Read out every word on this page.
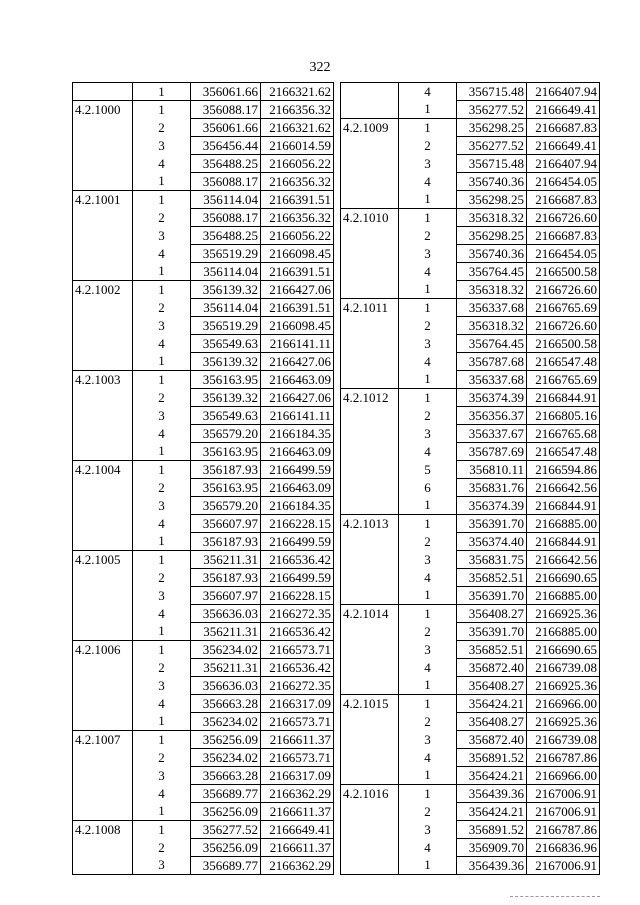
322
	1	356061.66	2166321.62
4.2.1000	1	356088.17	2166356.32
	2	356061.66	2166321.62
	3	356456.44	2166014.59
	4	356488.25	2166056.22
	1	356088.17	2166356.32
4.2.1001	1	356114.04	2166391.51
	2	356088.17	2166356.32
	3	356488.25	2166056.22
	4	356519.29	2166098.45
	1	356114.04	2166391.51
4.2.1002	1	356139.32	2166427.06
	2	356114.04	2166391.51
	3	356519.29	2166098.45
	4	356549.63	2166141.11
	1	356139.32	2166427.06
4.2.1003	1	356163.95	2166463.09
	2	356139.32	2166427.06
	3	356549.63	2166141.11
	4	356579.20	2166184.35
	1	356163.95	2166463.09
4.2.1004	1	356187.93	2166499.59
	2	356163.95	2166463.09
	3	356579.20	2166184.35
	4	356607.97	2166228.15
	1	356187.93	2166499.59
4.2.1005	1	356211.31	2166536.42
	2	356187.93	2166499.59
	3	356607.97	2166228.15
	4	356636.03	2166272.35
	1	356211.31	2166536.42
4.2.1006	1	356234.02	2166573.71
	2	356211.31	2166536.42
	3	356636.03	2166272.35
	4	356663.28	2166317.09
	1	356234.02	2166573.71
4.2.1007	1	356256.09	2166611.37
	2	356234.02	2166573.71
	3	356663.28	2166317.09
	4	356689.77	2166362.29
	1	356256.09	2166611.37
4.2.1008	1	356277.52	2166649.41
	2	356256.09	2166611.37
	3	356689.77	2166362.29
	4	356715.48	2166407.94
	1	356277.52	2166649.41
4.2.1009	1	356298.25	2166687.83
	2	356277.52	2166649.41
	3	356715.48	2166407.94
	4	356740.36	2166454.05
	1	356298.25	2166687.83
4.2.1010	1	356318.32	2166726.60
	2	356298.25	2166687.83
	3	356740.36	2166454.05
	4	356764.45	2166500.58
	1	356318.32	2166726.60
4.2.1011	1	356337.68	2166765.69
	2	356318.32	2166726.60
	3	356764.45	2166500.58
	4	356787.68	2166547.48
	1	356337.68	2166765.69
4.2.1012	1	356374.39	2166844.91
	2	356356.37	2166805.16
	3	356337.67	2166765.68
	4	356787.69	2166547.48
	5	356810.11	2166594.86
	6	356831.76	2166642.56
	1	356374.39	2166844.91
4.2.1013	1	356391.70	2166885.00
	2	356374.40	2166844.91
	3	356831.75	2166642.56
	4	356852.51	2166690.65
	1	356391.70	2166885.00
4.2.1014	1	356408.27	2166925.36
	2	356391.70	2166885.00
	3	356852.51	2166690.65
	4	356872.40	2166739.08
	1	356408.27	2166925.36
4.2.1015	1	356424.21	2166966.00
	2	356408.27	2166925.36
	3	356872.40	2166739.08
	4	356891.52	2166787.86
	1	356424.21	2166966.00
4.2.1016	1	356439.36	2167006.91
	2	356424.21	2167006.91
	3	356891.52	2166787.86
	4	356909.70	2166836.96
	1	356439.36	2167006.91
